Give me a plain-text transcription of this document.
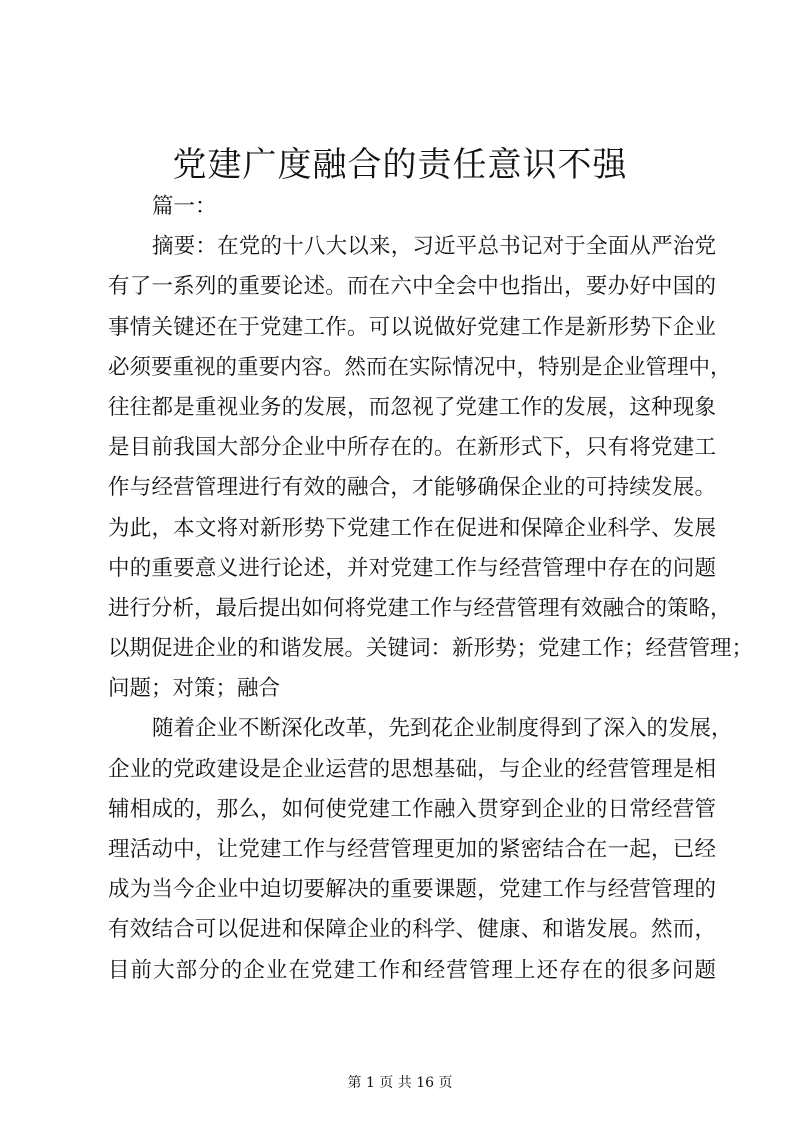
党建广度融合的责任意识不强
篇一：
摘要：在党的十八大以来，习近平总书记对于全面从严治党
有了一系列的重要论述。而在六中全会中也指出，要办好中国的
事情关键还在于党建工作。可以说做好党建工作是新形势下企业
必须要重视的重要内容。然而在实际情况中，特别是企业管理中，
往往都是重视业务的发展，而忽视了党建工作的发展，这种现象
是目前我国大部分企业中所存在的。在新形式下，只有将党建工
作与经营管理进行有效的融合，才能够确保企业的可持续发展。
为此，本文将对新形势下党建工作在促进和保障企业科学、发展
中的重要意义进行论述，并对党建工作与经营管理中存在的问题
进行分析，最后提出如何将党建工作与经营管理有效融合的策略，
以期促进企业的和谐发展。关键词：新形势；党建工作；经营管理；
问题；对策；融合
随着企业不断深化改革，先到花企业制度得到了深入的发展，
企业的党政建设是企业运营的思想基础，与企业的经营管理是相
辅相成的，那么，如何使党建工作融入贯穿到企业的日常经营管
理活动中，让党建工作与经营管理更加的紧密结合在一起，已经
成为当今企业中迫切要解决的重要课题，党建工作与经营管理的
有效结合可以促进和保障企业的科学、健康、和谐发展。然而，
目前大部分的企业在党建工作和经营管理上还存在的很多问题
第 1 页 共 16 页
